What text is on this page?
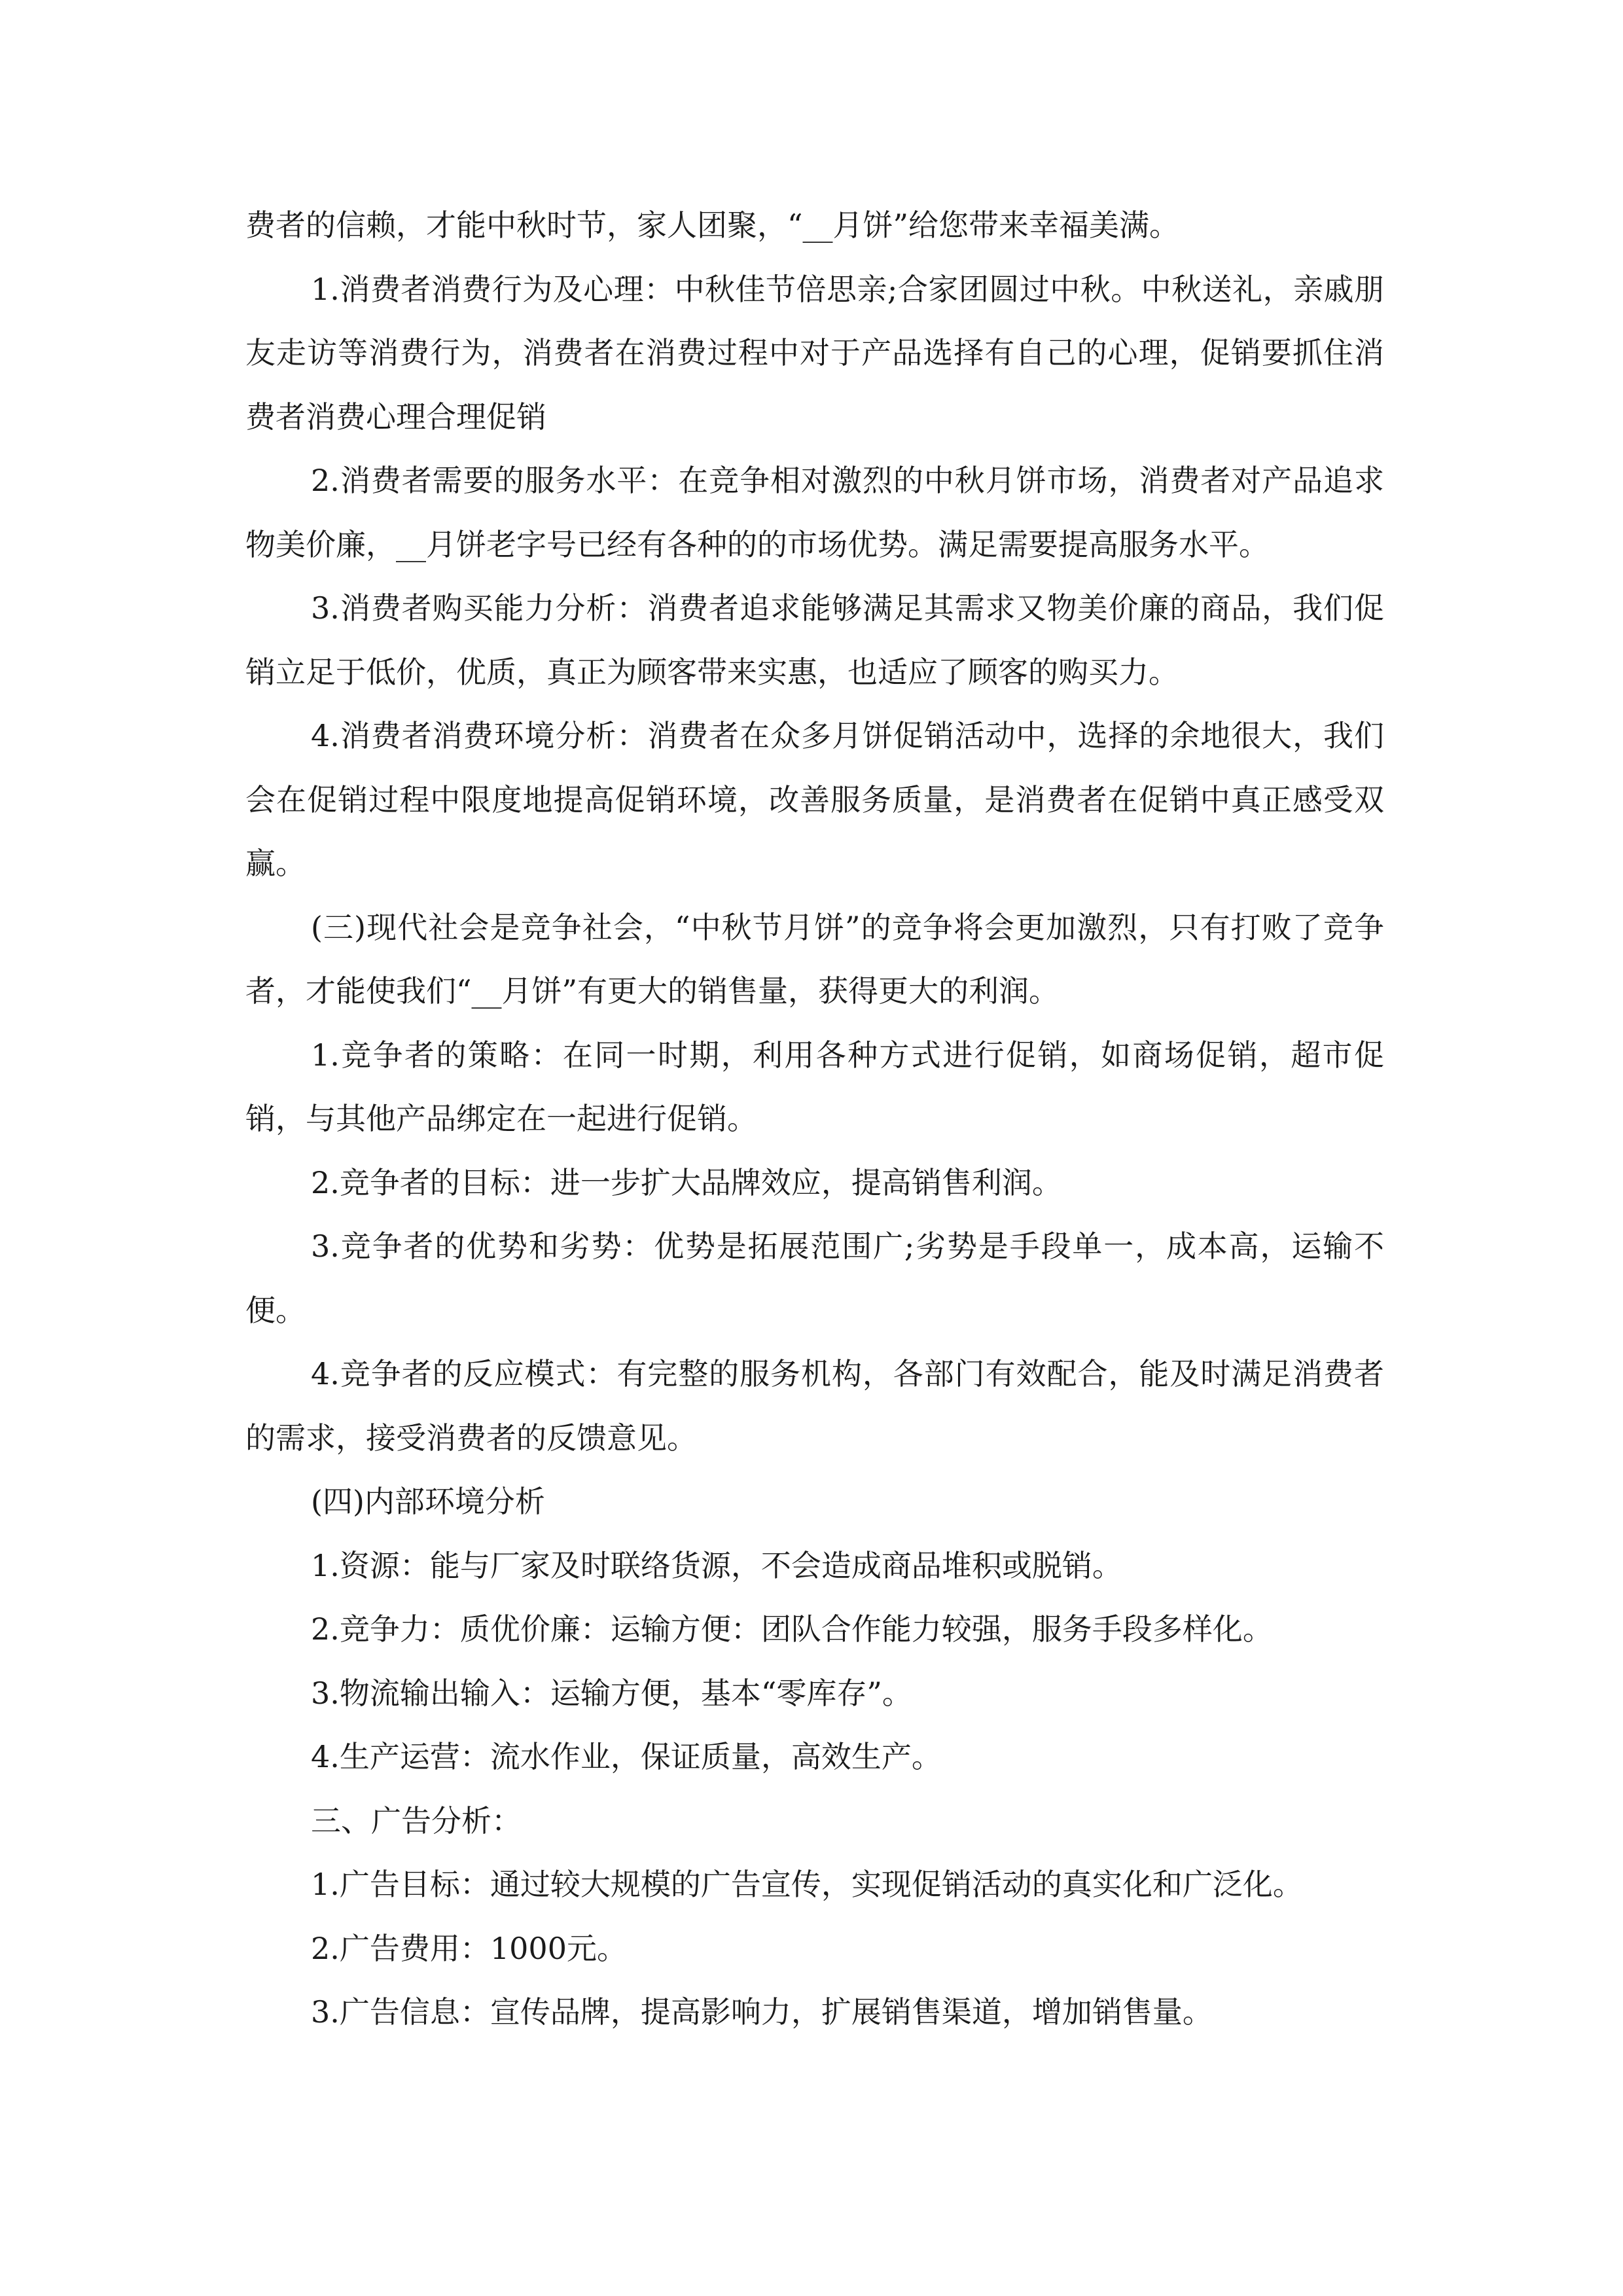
费者的信赖，才能中秋时节，家人团聚，“__月饼”给您带来幸福美满。

1.消费者消费行为及心理：中秋佳节倍思亲;合家团圆过中秋。中秋送礼，亲戚朋友走访等消费行为，消费者在消费过程中对于产品选择有自己的心理，促销要抓住消费者消费心理合理促销

2.消费者需要的服务水平：在竞争相对激烈的中秋月饼市场，消费者对产品追求物美价廉，__月饼老字号已经有各种的的市场优势。满足需要提高服务水平。

3.消费者购买能力分析：消费者追求能够满足其需求又物美价廉的商品，我们促销立足于低价，优质，真正为顾客带来实惠，也适应了顾客的购买力。

4.消费者消费环境分析：消费者在众多月饼促销活动中，选择的余地很大，我们会在促销过程中限度地提高促销环境，改善服务质量，是消费者在促销中真正感受双赢。

(三)现代社会是竞争社会，“中秋节月饼”的竞争将会更加激烈，只有打败了竞争者，才能使我们“__月饼”有更大的销售量，获得更大的利润。

1.竞争者的策略：在同一时期，利用各种方式进行促销，如商场促销，超市促销，与其他产品绑定在一起进行促销。

2.竞争者的目标：进一步扩大品牌效应，提高销售利润。

3.竞争者的优势和劣势：优势是拓展范围广;劣势是手段单一，成本高，运输不便。

4.竞争者的反应模式：有完整的服务机构，各部门有效配合，能及时满足消费者的需求，接受消费者的反馈意见。

(四)内部环境分析

1.资源：能与厂家及时联络货源，不会造成商品堆积或脱销。

2.竞争力：质优价廉：运输方便：团队合作能力较强，服务手段多样化。

3.物流输出输入：运输方便，基本“零库存”。

4.生产运营：流水作业，保证质量，高效生产。

三、广告分析：

1.广告目标：通过较大规模的广告宣传，实现促销活动的真实化和广泛化。

2.广告费用：1000元。

3.广告信息：宣传品牌，提高影响力，扩展销售渠道，增加销售量。
